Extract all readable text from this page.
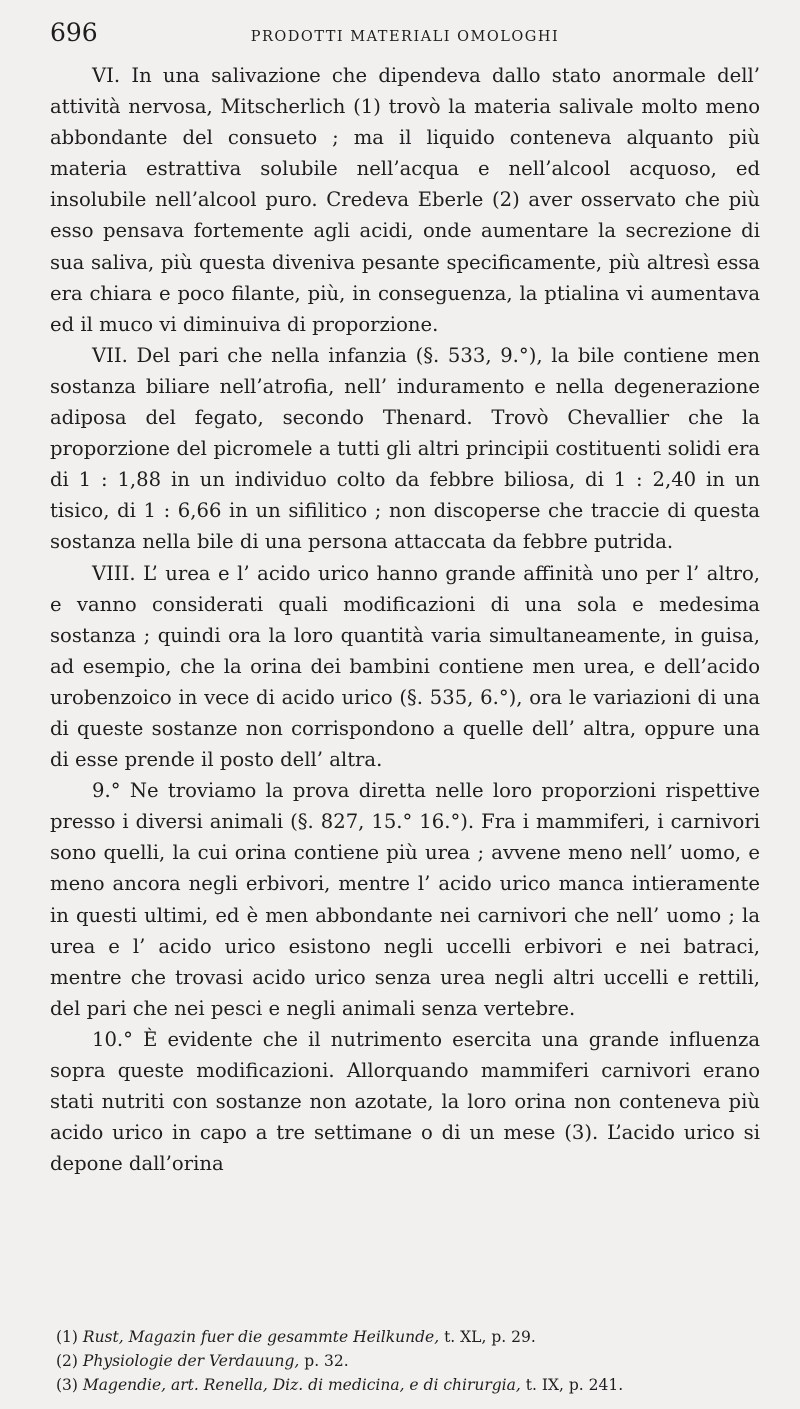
696	PRODOTTI MATERIALI OMOLOGHI

VI. In una salivazione che dipendeva dallo stato anormale dell’ attività nervosa, Mitscherlich (1) trovò la materia salivale molto meno abbondante del consueto ; ma il liquido conteneva alquanto più materia estrattiva solubile nell’acqua e nell’alcool acquoso, ed insolubile nell’alcool puro. Credeva Eberle (2) aver osservato che più esso pensava fortemente agli acidi, onde aumentare la secrezione di sua saliva, più questa diveniva pesante specificamente, più altresì essa era chiara e poco filante, più, in conseguenza, la ptialina vi aumentava ed il muco vi diminuiva di proporzione.

VII. Del pari che nella infanzia (§. 533, 9.°), la bile contiene men sostanza biliare nell’atrofia, nell’ induramento e nella degenerazione adiposa del fegato, secondo Thenard. Trovò Chevallier che la proporzione del picromele a tutti gli altri principii costituenti solidi era di 1 : 1,88 in un individuo colto da febbre biliosa, di 1 : 2,40 in un tisico, di 1 : 6,66 in un sifilitico ; non discoperse che traccie di questa sostanza nella bile di una persona attaccata da febbre putrida.

VIII. L’ urea e l’ acido urico hanno grande affinità uno per l’ altro, e vanno considerati quali modificazioni di una sola e medesima sostanza ; quindi ora la loro quantità varia simultaneamente, in guisa, ad esempio, che la orina dei bambini contiene men urea, e dell’acido urobenzoico in vece di acido urico (§. 535, 6.°), ora le variazioni di una di queste sostanze non corrispondono a quelle dell’ altra, oppure una di esse prende il posto dell’ altra.

9.° Ne troviamo la prova diretta nelle loro proporzioni rispettive presso i diversi animali (§. 827, 15.° 16.°). Fra i mammiferi, i carnivori sono quelli, la cui orina contiene più urea ; avvene meno nell’ uomo, e meno ancora negli erbivori, mentre l’ acido urico manca intieramente in questi ultimi, ed è men abbondante nei carnivori che nell’ uomo ; la urea e l’ acido urico esistono negli uccelli erbivori e nei batraci, mentre che trovasi acido urico senza urea negli altri uccelli e rettili, del pari che nei pesci e negli animali senza vertebre.

10.° È evidente che il nutrimento esercita una grande influenza sopra queste modificazioni. Allorquando mammiferi carnivori erano stati nutriti con sostanze non azotate, la loro orina non conteneva più acido urico in capo a tre settimane o di un mese (3). L’acido urico si depone dall’orina

(1) Rust, Magazin fuer die gesammte Heilkunde, t. XL, p. 29.

(2) Physiologie der Verdauung, p. 32.

(3) Magendie, art. Renella, Diz. di medicina, e di chirurgia, t. IX, p. 241.
